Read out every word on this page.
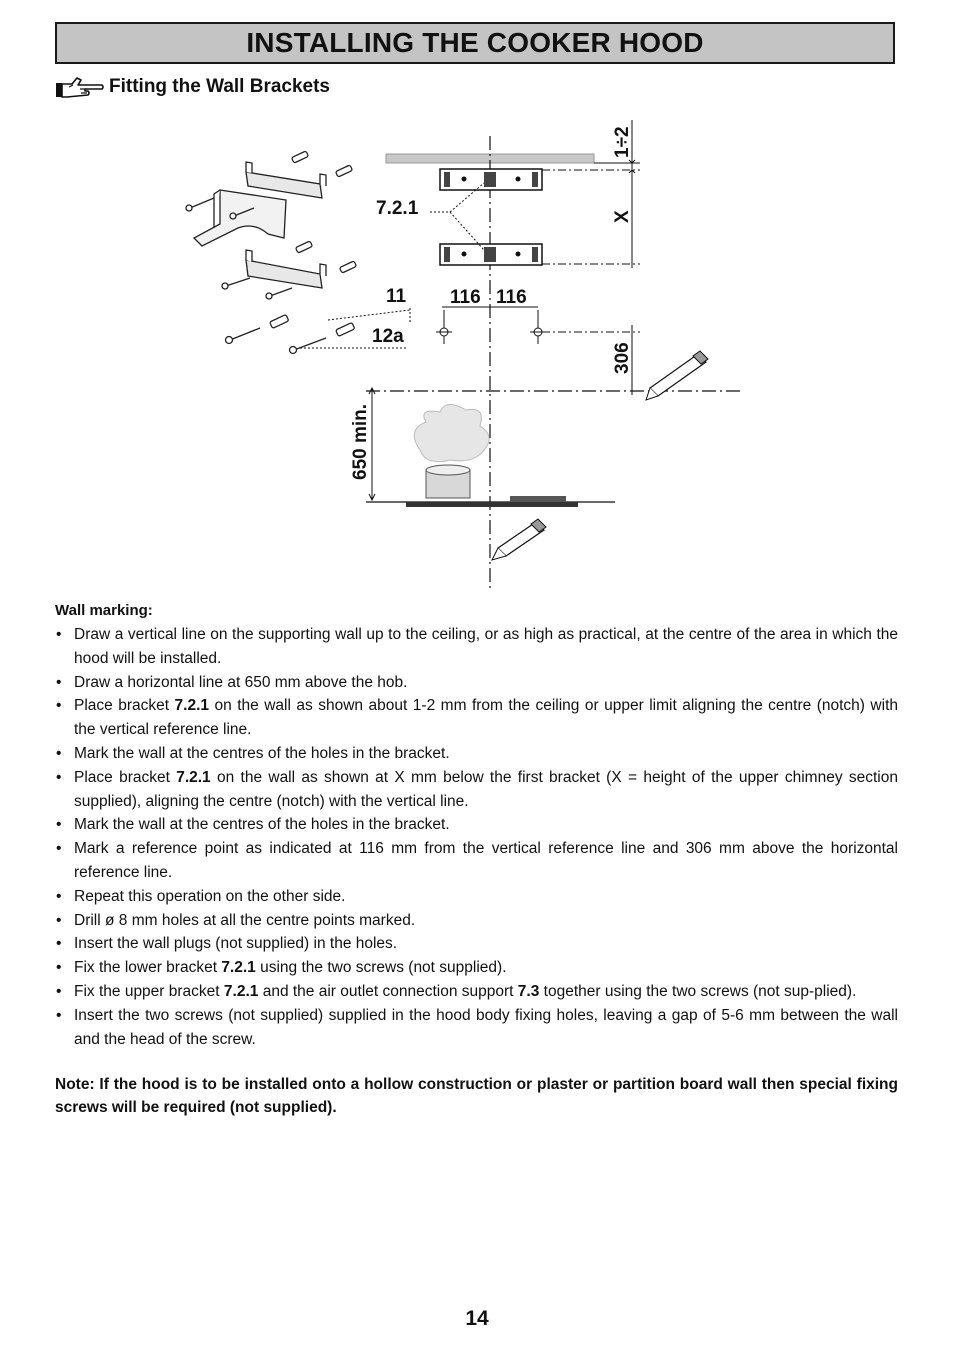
INSTALLING THE COOKER HOOD
Fitting the Wall Brackets
7.2.1
1÷2
X
11
12a
116 116
306
650 min.
Wall marking:
• Draw a vertical line on the supporting wall up to the ceiling, or as high as practical, at the centre of the area in which the hood will be installed.
• Draw a horizontal line at 650 mm above the hob.
• Place bracket 7.2.1 on the wall as shown about 1-2 mm from the ceiling or upper limit aligning the centre (notch) with the vertical reference line.
• Mark the wall at the centres of the holes in the bracket.
• Place bracket 7.2.1 on the wall as shown at X mm below the first bracket (X = height of the upper chimney section supplied), aligning the centre (notch) with the vertical line.
• Mark the wall at the centres of the holes in the bracket.
• Mark a reference point as indicated at 116 mm from the vertical reference line and 306 mm above the horizontal reference line.
• Repeat this operation on the other side.
• Drill ø 8 mm holes at all the centre points marked.
• Insert the wall plugs (not supplied) in the holes.
• Fix the lower bracket 7.2.1 using the two screws (not supplied).
• Fix the upper bracket 7.2.1 and the air outlet connection support 7.3 together using the two screws (not sup-plied).
• Insert the two screws (not supplied) supplied in the hood body fixing holes, leaving a gap of 5-6 mm between the wall and the head of the screw.

Note: If the hood is to be installed onto a hollow construction or plaster or partition board wall then special fixing screws will be required (not supplied).

14
